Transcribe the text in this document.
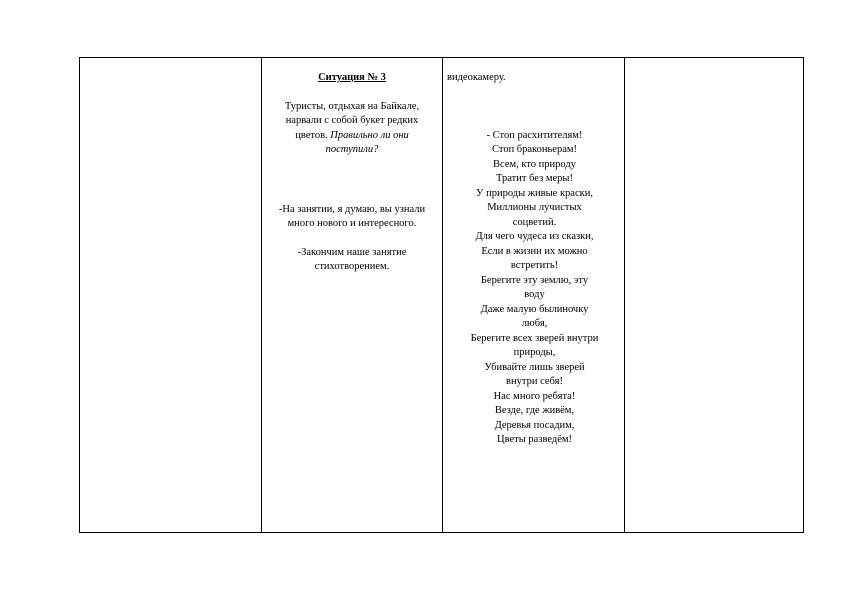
Ситуация № 3

Туристы, отдыхая на Байкале, нарвали с собой букет редких цветов. Правильно ли они поступили?

-На занятии, я думаю, вы узнали много нового и интересного.

-Закончим наше занятие стихотворением.

видеокамеру.
- Стоп расхитителям!
Стоп браконьерам!
Всем, кто природу
Тратит без меры!
У природы живые краски,
Миллионы лучистых
соцветий.
Для чего чудеса из сказки,
Если в жизни их можно
встретить!
Берегите эту землю, эту
воду
Даже малую былиночку
любя,
Берегите всех зверей внутри
природы,
Убивайте лишь зверей
внутри себя!
Нас много ребята!
Везде, где живём,
Деревья посадим,
Цветы разведём!
